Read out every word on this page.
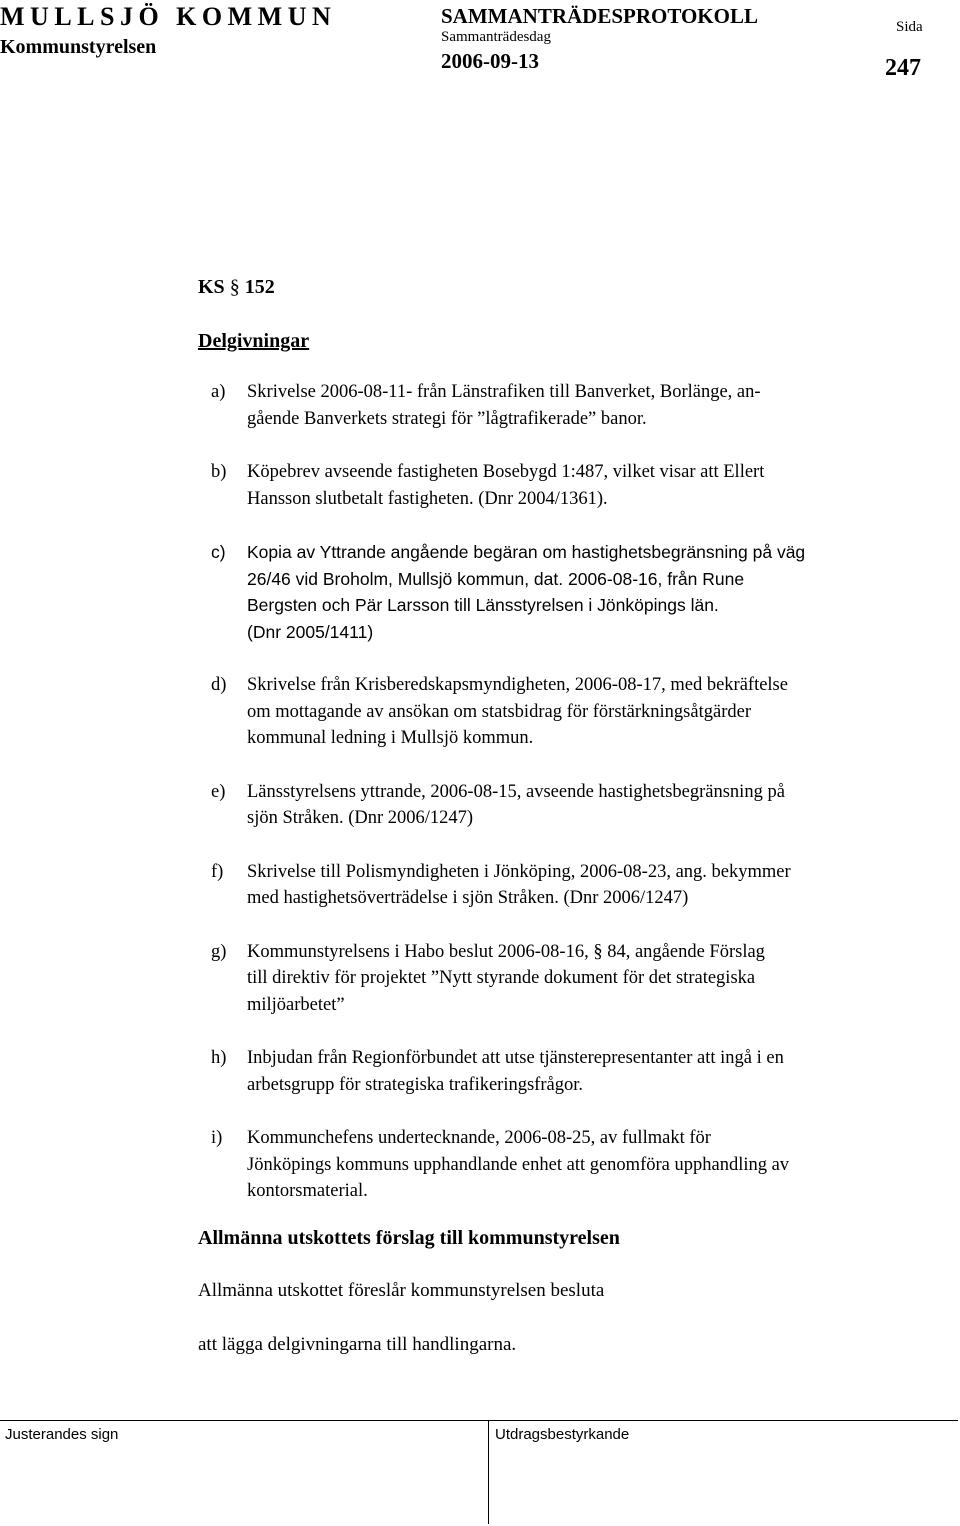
MULLSJÖ KOMMUN
Kommunstyrelsen
SAMMANTRÄDESPROTOKOLL
Sammanträdesdag
2006-09-13
Sida
247
KS § 152
Delgivningar
a)	Skrivelse 2006-08-11- från Länstrafiken till Banverket, Borlänge, an-
gående Banverkets strategi för ”lågtrafikerade” banor.
b)	Köpebrev avseende fastigheten Bosebygd 1:487, vilket visar att Ellert
Hansson slutbetalt fastigheten. (Dnr 2004/1361).
c)	Kopia av Yttrande angående begäran om hastighetsbegränsning på väg
26/46 vid Broholm, Mullsjö kommun, dat. 2006-08-16, från Rune
Bergsten och Pär Larsson till Länsstyrelsen i Jönköpings län.
(Dnr 2005/1411)
d)	Skrivelse från Krisberedskapsmyndigheten, 2006-08-17, med bekräftelse
om mottagande av ansökan om statsbidrag för förstärkningsåtgärder
kommunal ledning i Mullsjö kommun.
e)	Länsstyrelsens yttrande, 2006-08-15, avseende hastighetsbegränsning på
sjön Stråken. (Dnr 2006/1247)
f)	Skrivelse till Polismyndigheten i Jönköping, 2006-08-23, ang. bekymmer
med hastighetsöverträdelse i sjön Stråken. (Dnr 2006/1247)
g)	Kommunstyrelsens i Habo beslut 2006-08-16, § 84, angående Förslag
till direktiv för projektet ”Nytt styrande dokument för det strategiska
miljöarbetet”
h)	Inbjudan från Regionförbundet att utse tjänsterepresentanter att ingå i en
arbetsgrupp för strategiska trafikeringsfrågor.
i)	Kommunchefens undertecknande, 2006-08-25, av fullmakt för
Jönköpings kommuns upphandlande enhet att genomföra upphandling av
kontorsmaterial.
Allmänna utskottets förslag till kommunstyrelsen
Allmänna utskottet föreslår kommunstyrelsen besluta
att lägga delgivningarna till handlingarna.
Justerandes sign	Utdragsbestyrkande
